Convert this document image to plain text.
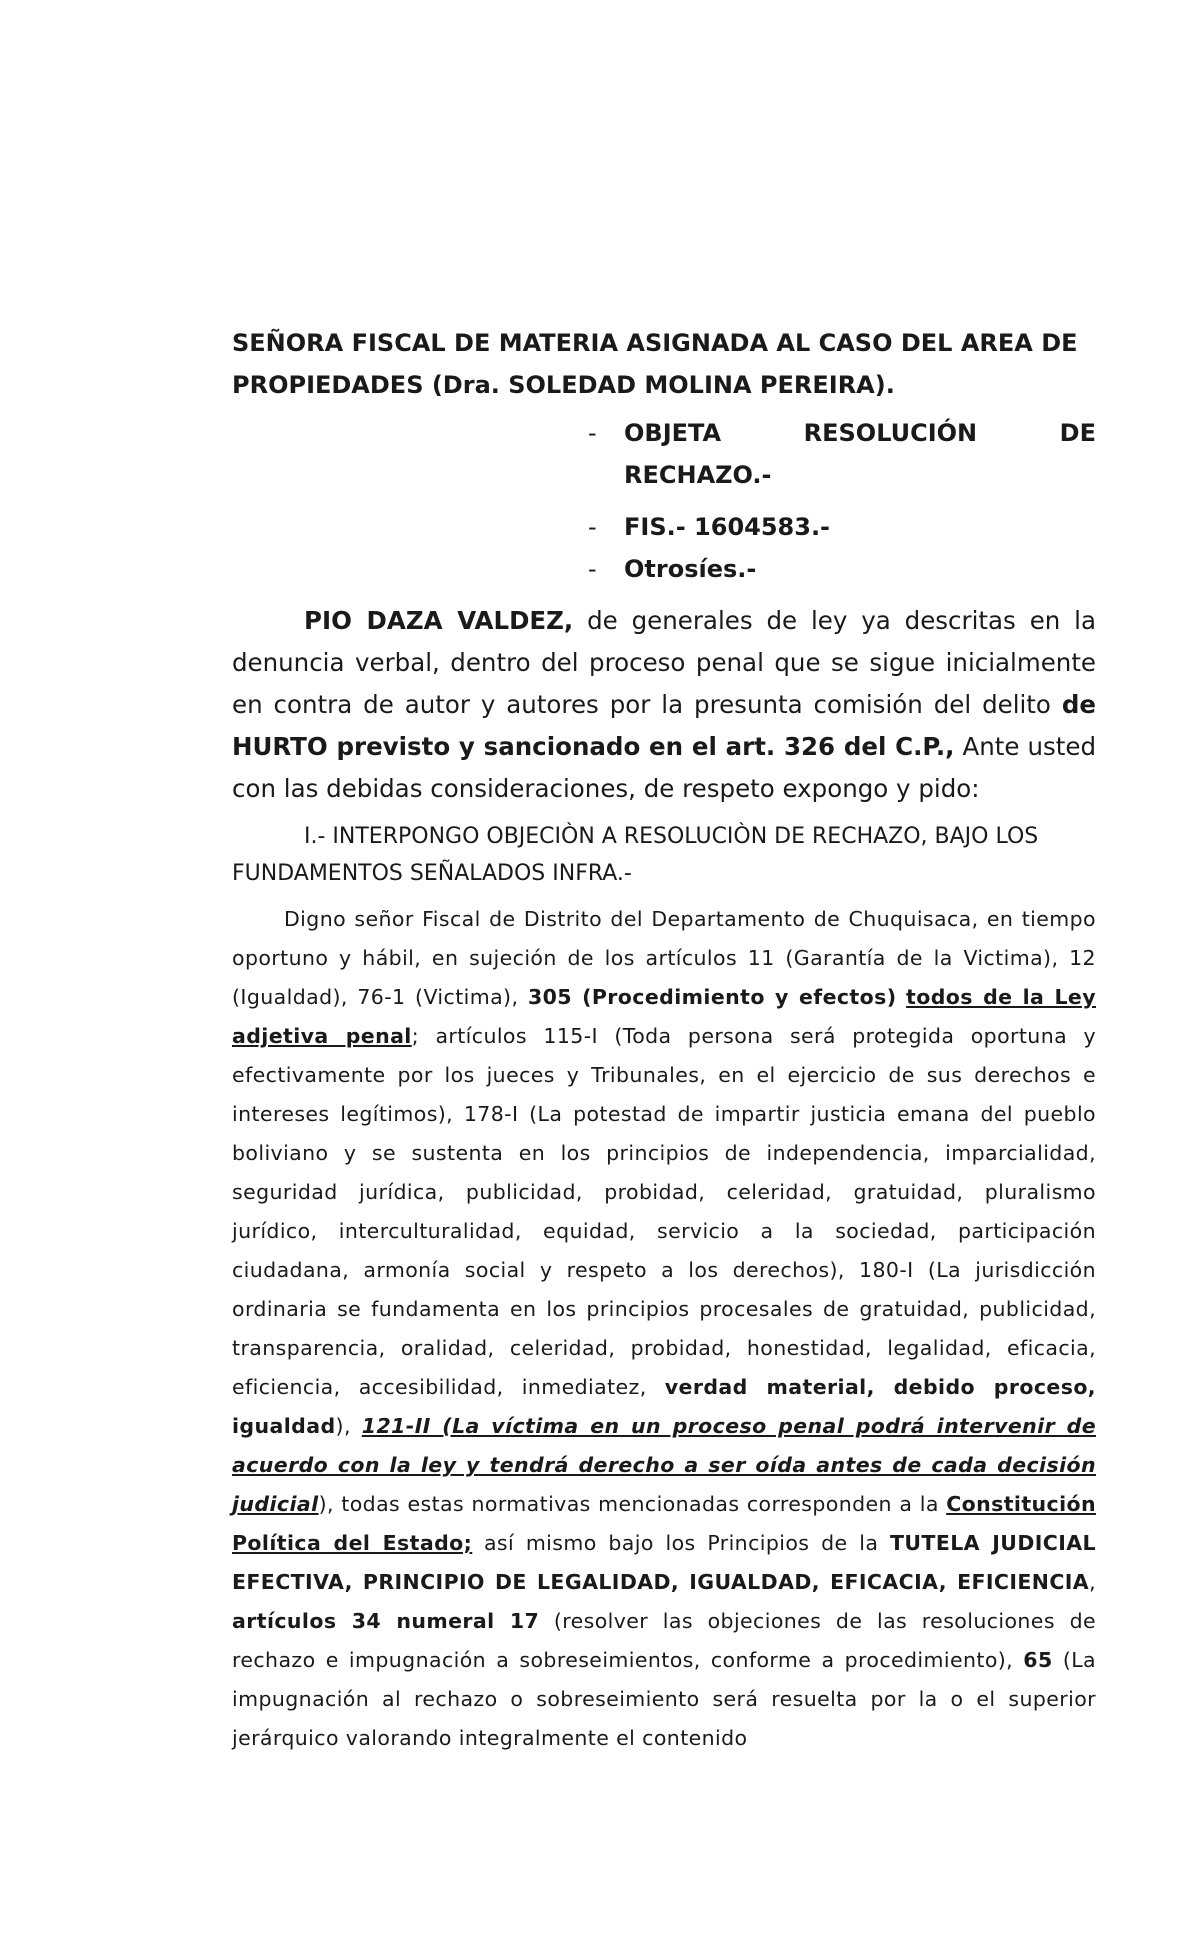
SEÑORA FISCAL DE MATERIA ASIGNADA AL CASO DEL AREA DE
PROPIEDADES (Dra. SOLEDAD MOLINA PEREIRA).

- OBJETA	RESOLUCIÓN	DE
RECHAZO.-
- FIS.- 1604583.-
- Otrosíes.-

PIO DAZA VALDEZ, de generales de ley ya descritas en la denuncia verbal, dentro del proceso penal que se sigue inicialmente en contra de autor y autores por la presunta comisión del delito de HURTO previsto y sancionado en el art. 326 del C.P., Ante usted con las debidas consideraciones, de respeto expongo y pido:

I.- INTERPONGO OBJECIÒN A RESOLUCIÒN DE RECHAZO, BAJO LOS FUNDAMENTOS SEÑALADOS INFRA.-

Digno señor Fiscal de Distrito del Departamento de Chuquisaca, en tiempo oportuno y hábil, en sujeción de los artículos 11 (Garantía de la Victima), 12 (Igualdad), 76-1 (Victima), 305 (Procedimiento y efectos) todos de la Ley adjetiva penal; artículos 115-I (Toda persona será protegida oportuna y efectivamente por los jueces y Tribunales, en el ejercicio de sus derechos e intereses legítimos), 178-I (La potestad de impartir justicia emana del pueblo boliviano y se sustenta en los principios de independencia, imparcialidad, seguridad jurídica, publicidad, probidad, celeridad, gratuidad, pluralismo jurídico, interculturalidad, equidad, servicio a la sociedad, participación ciudadana, armonía social y respeto a los derechos), 180-I (La jurisdicción ordinaria se fundamenta en los principios procesales de gratuidad, publicidad, transparencia, oralidad, celeridad, probidad, honestidad, legalidad, eficacia, eficiencia, accesibilidad, inmediatez, verdad material, debido proceso, igualdad), 121-II (La víctima en un proceso penal podrá intervenir de acuerdo con la ley y tendrá derecho a ser oída antes de cada decisión judicial), todas estas normativas mencionadas corresponden a la Constitución Política del Estado; así mismo bajo los Principios de la TUTELA JUDICIAL EFECTIVA, PRINCIPIO DE LEGALIDAD, IGUALDAD, EFICACIA, EFICIENCIA, artículos 34 numeral 17 (resolver las objeciones de las resoluciones de rechazo e impugnación a sobreseimientos, conforme a procedimiento), 65 (La impugnación al rechazo o sobreseimiento será resuelta por la o el superior jerárquico valorando integralmente el contenido
